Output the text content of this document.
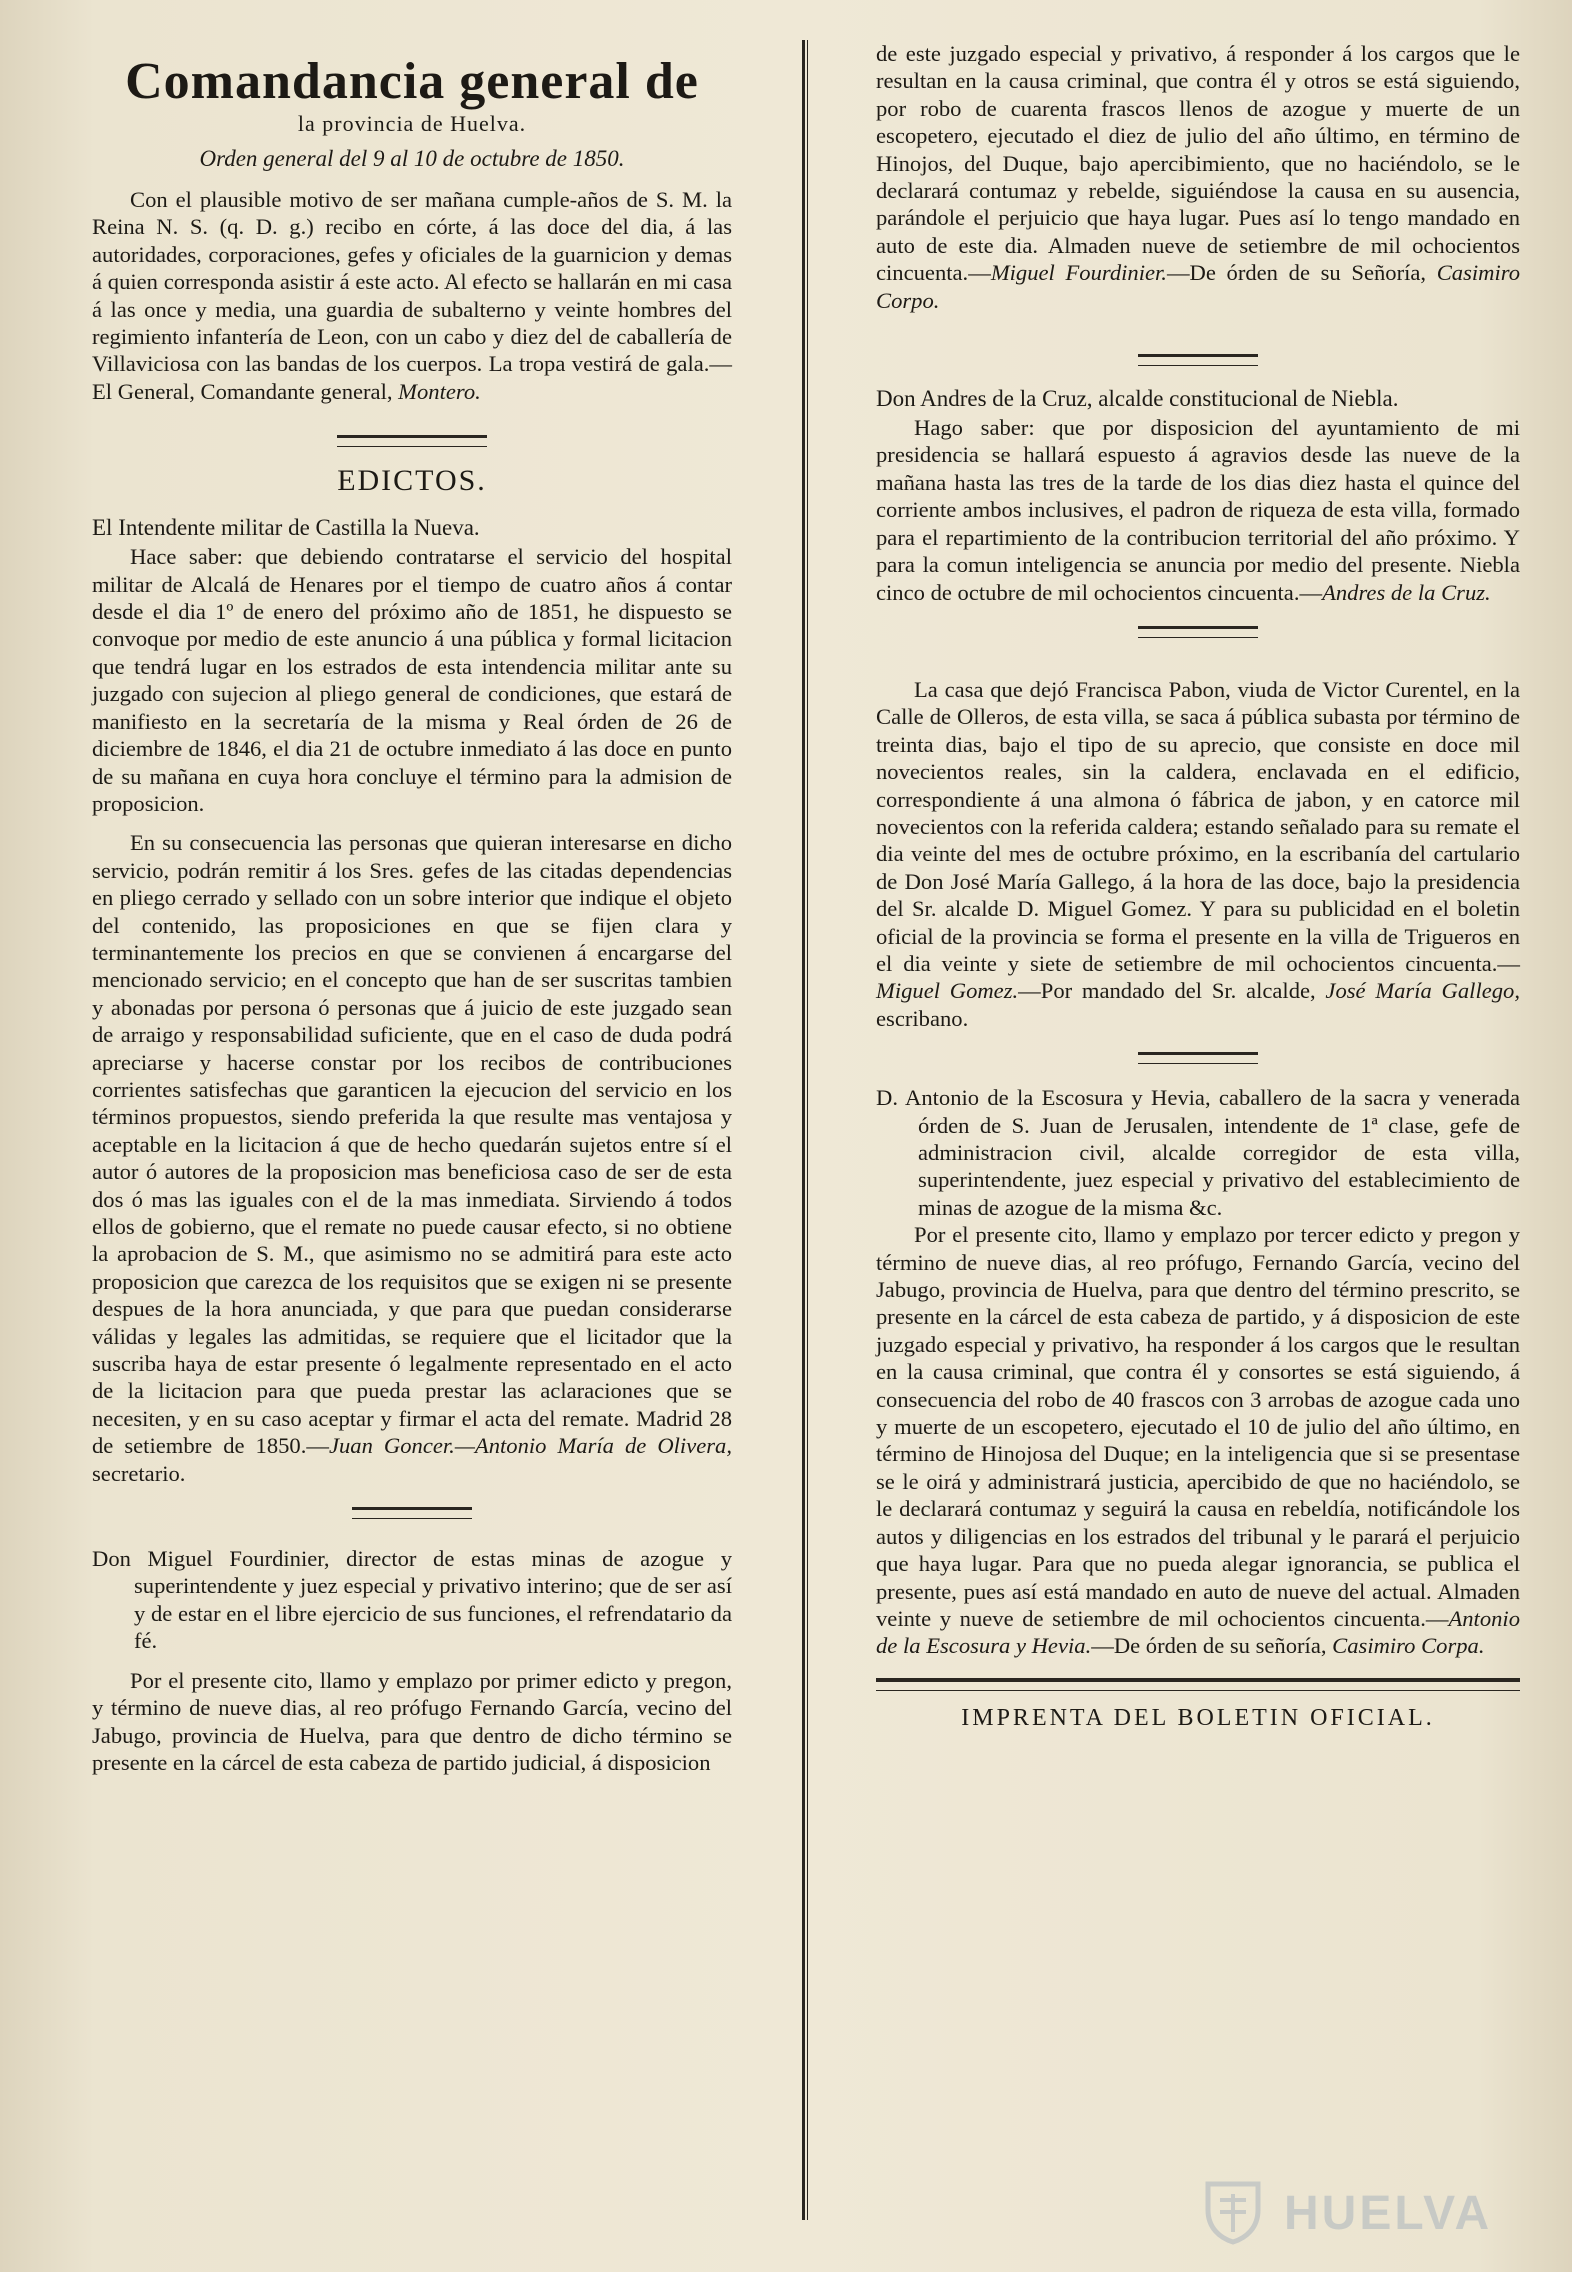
Comandancia general de
la provincia de Huelva.
Orden general del 9 al 10 de octubre de 1850.

Con el plausible motivo de ser mañana cumple-años de S. M. la Reina N. S. (q. D. g.) recibo en córte, á las doce del dia, á las autoridades, corporaciones, gefes y oficiales de la guarnicion y demas á quien corresponda asistir á este acto. Al efecto se hallarán en mi casa á las once y media, una guardia de subalterno y veinte hombres del regimiento infantería de Leon, con un cabo y diez del de caballería de Villaviciosa con las bandas de los cuerpos. La tropa vestirá de gala.—El General, Comandante general, Montero.

EDICTOS.

El Intendente militar de Castilla la Nueva.

Hace saber: que debiendo contratarse el servicio del hospital militar de Alcalá de Henares por el tiempo de cuatro años á contar desde el dia 1º de enero del próximo año de 1851, he dispuesto se convoque por medio de este anuncio á una pública y formal licitacion que tendrá lugar en los estrados de esta intendencia militar ante su juzgado con sujecion al pliego general de condiciones, que estará de manifiesto en la secretaría de la misma y Real órden de 26 de diciembre de 1846, el dia 21 de octubre inmediato á las doce en punto de su mañana en cuya hora concluye el término para la admision de proposicion.

En su consecuencia las personas que quieran interesarse en dicho servicio, podrán remitir á los Sres. gefes de las citadas dependencias en pliego cerrado y sellado con un sobre interior que indique el objeto del contenido, las proposiciones en que se fijen clara y terminantemente los precios en que se convienen á encargarse del mencionado servicio; en el concepto que han de ser suscritas tambien y abonadas por persona ó personas que á juicio de este juzgado sean de arraigo y responsabilidad suficiente, que en el caso de duda podrá apreciarse y hacerse constar por los recibos de contribuciones corrientes satisfechas que garanticen la ejecucion del servicio en los términos propuestos, siendo preferida la que resulte mas ventajosa y aceptable en la licitacion á que de hecho quedarán sujetos entre sí el autor ó autores de la proposicion mas beneficiosa caso de ser de esta dos ó mas las iguales con el de la mas inmediata. Sirviendo á todos ellos de gobierno, que el remate no puede causar efecto, si no obtiene la aprobacion de S. M., que asimismo no se admitirá para este acto proposicion que carezca de los requisitos que se exigen ni se presente despues de la hora anunciada, y que para que puedan considerarse válidas y legales las admitidas, se requiere que el licitador que la suscriba haya de estar presente ó legalmente representado en el acto de la licitacion para que pueda prestar las aclaraciones que se necesiten, y en su caso aceptar y firmar el acta del remate. Madrid 28 de setiembre de 1850.—Juan Goncer.—Antonio María de Olivera, secretario.

Don Miguel Fourdinier, director de estas minas de azogue y superintendente y juez especial y privativo interino; que de ser así y de estar en el libre ejercicio de sus funciones, el refrendatario da fé.

Por el presente cito, llamo y emplazo por primer edicto y pregon, y término de nueve dias, al reo prófugo Fernando García, vecino del Jabugo, provincia de Huelva, para que dentro de dicho término se presente en la cárcel de esta cabeza de partido judicial, á disposicion

de este juzgado especial y privativo, á responder á los cargos que le resultan en la causa criminal, que contra él y otros se está siguiendo, por robo de cuarenta frascos llenos de azogue y muerte de un escopetero, ejecutado el diez de julio del año último, en término de Hinojos, del Duque, bajo apercibimiento, que no haciéndolo, se le declarará contumaz y rebelde, siguiéndose la causa en su ausencia, parándole el perjuicio que haya lugar. Pues así lo tengo mandado en auto de este dia. Almaden nueve de setiembre de mil ochocientos cincuenta.—Miguel Fourdinier.—De órden de su Señoría, Casimiro Corpo.

Don Andres de la Cruz, alcalde constitucional de Niebla.

Hago saber: que por disposicion del ayuntamiento de mi presidencia se hallará espuesto á agravios desde las nueve de la mañana hasta las tres de la tarde de los dias diez hasta el quince del corriente ambos inclusives, el padron de riqueza de esta villa, formado para el repartimiento de la contribucion territorial del año próximo. Y para la comun inteligencia se anuncia por medio del presente. Niebla cinco de octubre de mil ochocientos cincuenta.—Andres de la Cruz.

La casa que dejó Francisca Pabon, viuda de Victor Curentel, en la Calle de Olleros, de esta villa, se saca á pública subasta por término de treinta dias, bajo el tipo de su aprecio, que consiste en doce mil novecientos reales, sin la caldera, enclavada en el edificio, correspondiente á una almona ó fábrica de jabon, y en catorce mil novecientos con la referida caldera; estando señalado para su remate el dia veinte del mes de octubre próximo, en la escribanía del cartulario de Don José María Gallego, á la hora de las doce, bajo la presidencia del Sr. alcalde D. Miguel Gomez. Y para su publicidad en el boletin oficial de la provincia se forma el presente en la villa de Trigueros en el dia veinte y siete de setiembre de mil ochocientos cincuenta.—Miguel Gomez.—Por mandado del Sr. alcalde, José María Gallego, escribano.

D. Antonio de la Escosura y Hevia, caballero de la sacra y venerada órden de S. Juan de Jerusalen, intendente de 1ª clase, gefe de administracion civil, alcalde corregidor de esta villa, superintendente, juez especial y privativo del establecimiento de minas de azogue de la misma &c.

Por el presente cito, llamo y emplazo por tercer edicto y pregon y término de nueve dias, al reo prófugo, Fernando García, vecino del Jabugo, provincia de Huelva, para que dentro del término prescrito, se presente en la cárcel de esta cabeza de partido, y á disposicion de este juzgado especial y privativo, ha responder á los cargos que le resultan en la causa criminal, que contra él y consortes se está siguiendo, á consecuencia del robo de 40 frascos con 3 arrobas de azogue cada uno y muerte de un escopetero, ejecutado el 10 de julio del año último, en término de Hinojosa del Duque; en la inteligencia que si se presentase se le oirá y administrará justicia, apercibido de que no haciéndolo, se le declarará contumaz y seguirá la causa en rebeldía, notificándole los autos y diligencias en los estrados del tribunal y le parará el perjuicio que haya lugar. Para que no pueda alegar ignorancia, se publica el presente, pues así está mandado en auto de nueve del actual. Almaden veinte y nueve de setiembre de mil ochocientos cincuenta.—Antonio de la Escosura y Hevia.—De órden de su señoría, Casimiro Corpa.

IMPRENTA DEL BOLETIN OFICIAL.
HUELVA
